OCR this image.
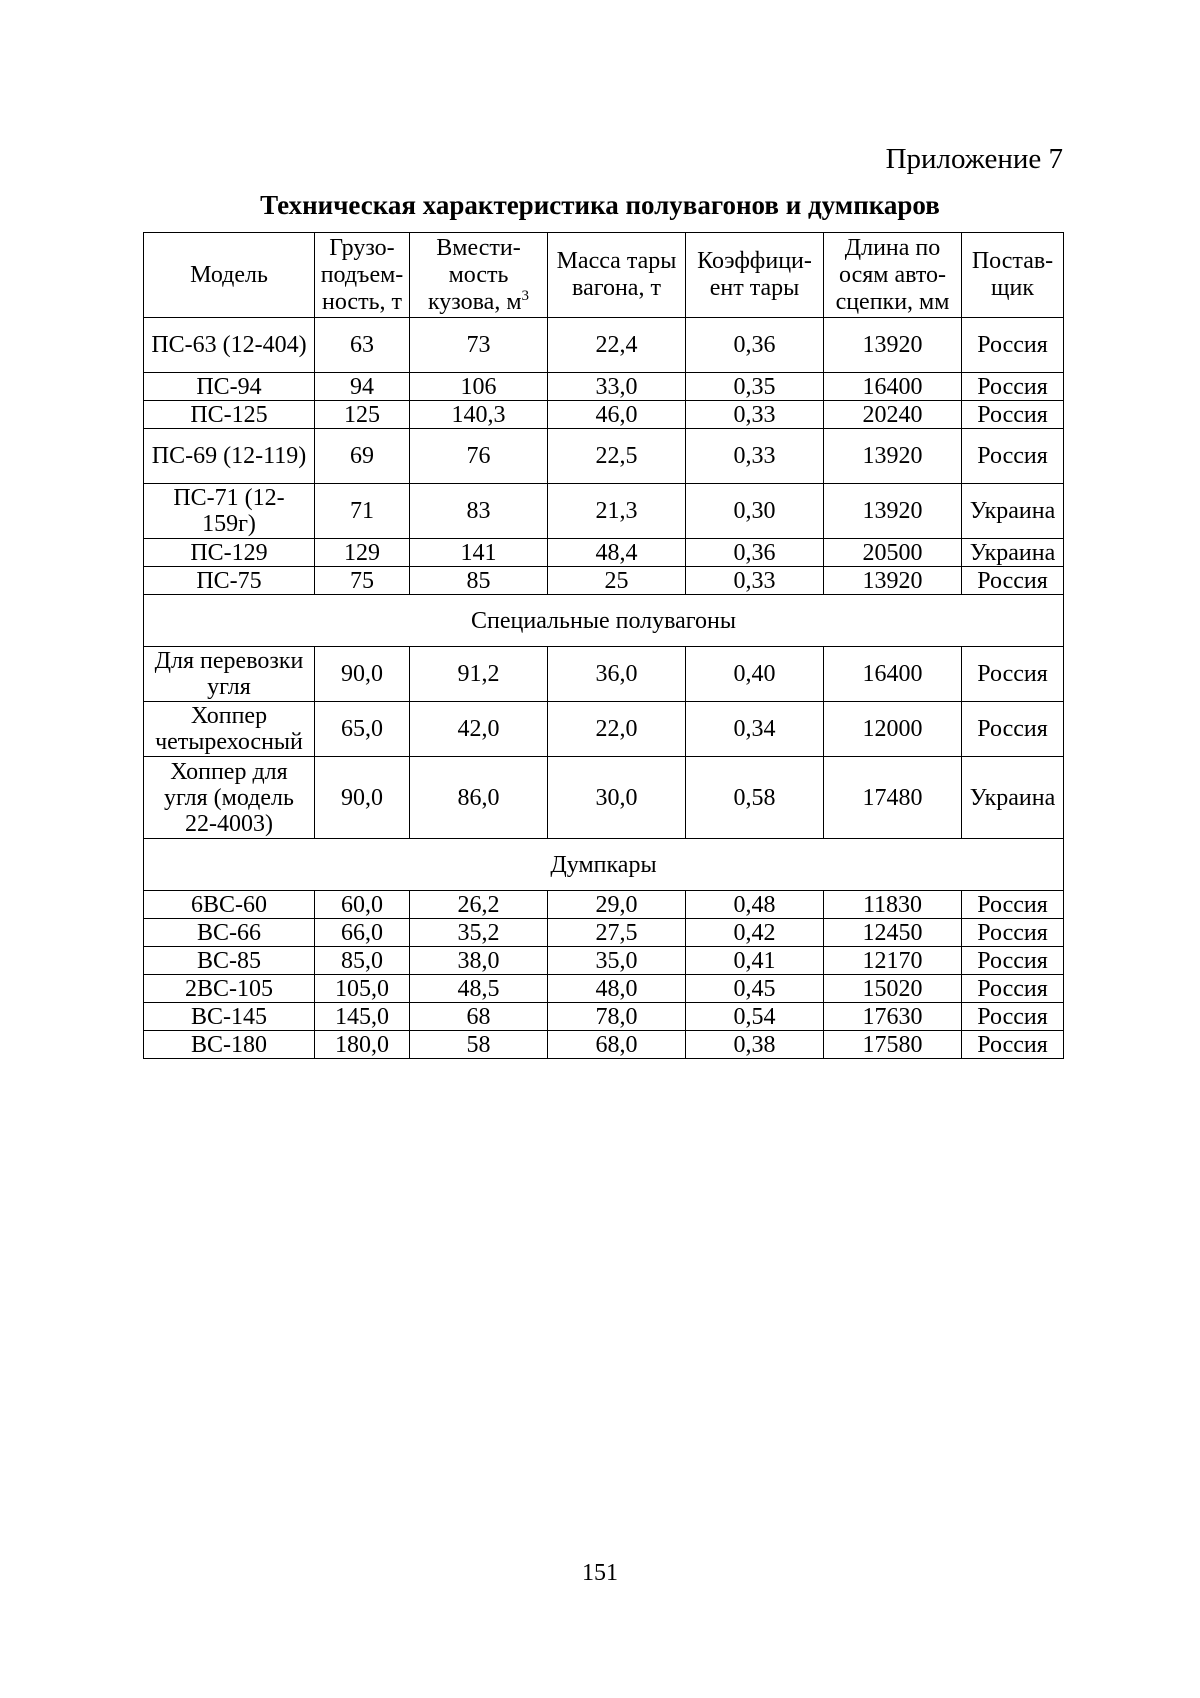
Приложение 7
Техническая характеристика полувагонов и думпкаров
Модель	Грузо-подъем-ность, т	Вмести-мость кузова, $м^3$	Масса тары вагона, т	Коэффици-ент тары	Длина по осям авто-сцепки, мм	Постав-щик
ПС-63 (12-404)	63	73	22,4	0,36	13920	Россия
ПС-94	94	106	33,0	0,35	16400	Россия
ПС-125	125	140,3	46,0	0,33	20240	Россия
ПС-69 (12-119)	69	76	22,5	0,33	13920	Россия
ПС-71 (12-159г)	71	83	21,3	0,30	13920	Украина
ПС-129	129	141	48,4	0,36	20500	Украина
ПС-75	75	85	25	0,33	13920	Россия
Специальные полувагоны						
Для перевозки угля	90,0	91,2	36,0	0,40	16400	Россия
Хоппер четырехосный	65,0	42,0	22,0	0,34	12000	Россия
Хоппер для угля (модель 22-4003)	90,0	86,0	30,0	0,58	17480	Украина
Думпкары						
6ВС-60	60,0	26,2	29,0	0,48	11830	Россия
ВС-66	66,0	35,2	27,5	0,42	12450	Россия
ВС-85	85,0	38,0	35,0	0,41	12170	Россия
2ВС-105	105,0	48,5	48,0	0,45	15020	Россия
ВС-145	145,0	68	78,0	0,54	17630	Россия
ВС-180	180,0	58	68,0	0,38	17580	Россия
151
